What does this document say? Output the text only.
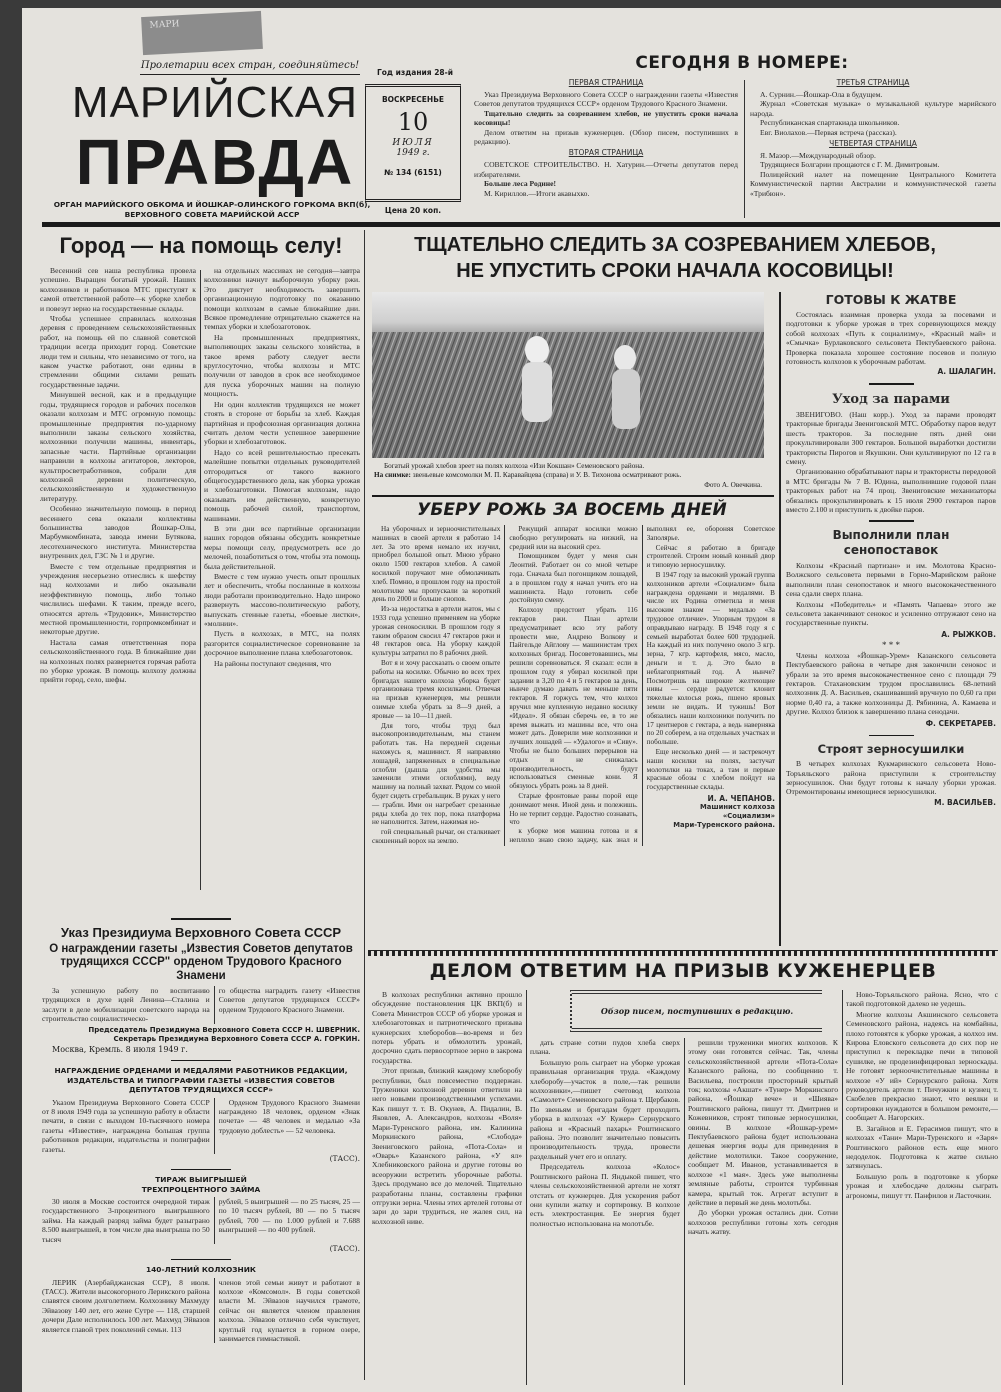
МАРИ
Пролетарии всех стран, соединяйтесь!
МАРИЙСКАЯ
ПРАВДА
ОРГАН МАРИЙСКОГО ОБКОМА И ЙОШКАР-ОЛИНСКОГО ГОРКОМА ВКП(б),
ВЕРХОВНОГО СОВЕТА МАРИЙСКОЙ АССР
Год издания 28-й
ВОСКРЕСЕНЬЕ
10
ИЮЛЯ
1949 г.
№ 134 (6151)
Цена 20 коп.
СЕГОДНЯ В НОМЕРЕ:
ПЕРВАЯ СТРАНИЦА

Указ Президиума Верховного Совета СССР о награждении газеты «Известия Советов депутатов трудящихся СССР» орденом Трудового Красного Знамени.

Тщательно следить за созреванием хлебов, не упустить сроки начала косовицы!

Делом ответим на призыв куженерцев. (Обзор писем, поступивших в редакцию).

ВТОРАЯ СТРАНИЦА

СОВЕТСКОЕ СТРОИТЕЛЬСТВО. Н. Хатурин.—Отчеты депутатов перед избирателями.

Больше леса Родине!

М. Кириллов.—Итоги акавыхко.

ТРЕТЬЯ СТРАНИЦА

А. Сурнин.—Йошкар-Ола в будущем.

Журнал «Советская музыка» о музыкальной культуре марийского народа.

Республиканская спартакиада школьников.

Евг. Виолахов.—Первая встреча (рассказ).

ЧЕТВЕРТАЯ СТРАНИЦА

Я. Мазор.—Международный обзор.

Трудящиеся Болгарии прощаются с Г. М. Димитровым.

Полицейский налет на помещение Центрального Комитета Коммунистической партии Австралии и коммунистической газеты «Трибюн».

Город — на помощь селу!

Весенний сев наша республика провела успешно. Выращен богатый урожай. Наших колхозников и работников МТС приступят к самой ответственной работе—к уборке хлебов и повезут зерно на государственные склады.

Чтобы успешнее справилась колхозная деревня с проведением сельскохозяйственных работ, на помощь ей по славной советской традиции всегда приходит город. Советские люди тем и сильны, что независимо от того, на каком участке работают, они едины в стремлении общими силами решать государственные задачи.

Минувшей весной, как и в предыдущие годы, трудящиеся городов и рабочих поселков оказали колхозам и МТС огромную помощь: промышленные предприятия по-ударному выполнили заказы сельского хозяйства, колхозники получили машины, инвентарь, запасные части. Партийные организации направили в колхозы агитаторов, лекторов, культпросветработников, собрали для колхозной деревни политическую, сельскохозяйственную и художественную литературу.

Особенно значительную помощь в период весеннего сева оказали коллективы большинства заводов Йошкар-Олы, Марбумкомбината, завода имени Бутякова, лесотехнического института. Министерства внутренних дел, ГЗС № 1 и другие.

Вместе с тем отдельные предприятия и учреждения несерьезно отнеслись к шефству над колхозами и либо оказывали неэффективную помощь, либо только числились шефами. К таким, прежде всего, относятся артель «Трудовик», Министерство местной промышленности, горпромкомбинат и некоторые другие.

Настала самая ответственная пора сельскохозяйственного года. В ближайшие дни на колхозных полях развернется горячая работа по уборке урожая. В помощь колхозу должны прийти город, село, шефы.

на отдельных массивах не сегодня—завтра колхозники начнут выборочную уборку ржи. Это диктует необходимость завершить организационную подготовку по оказанию помощи колхозам в самые ближайшие дни. Всякое промедление отрицательно скажется на темпах уборки и хлебозаготовок.

На промышленных предприятиях, выполняющих заказы сельского хозяйства, в такое время работу следует вести круглосуточно, чтобы колхозы и МТС получили от заводов в срок все необходимое для пуска уборочных машин на полную мощность.

Ни один коллектив трудящихся не может стоять в стороне от борьбы за хлеб. Каждая партийная и профсоюзная организация должна считать делом чести успешное завершение уборки и хлебозаготовок.

Надо со всей решительностью пресекать малейшие попытки отдельных руководителей отгородиться от такого важного общегосударственного дела, как уборка урожая и хлебозаготовки. Помогая колхозам, надо оказывать им действенную, конкретную помощь рабочей силой, транспортом, машинами.

В эти дни все партийные организации наших городов обязаны обсудить конкретные меры помощи селу, предусмотреть все до мелочей, позаботиться о том, чтобы эта помощь была действительной.

Вместе с тем нужно учесть опыт прошлых лет и обеспечить, чтобы посланные в колхозы люди работали производительно. Надо широко развернуть массово-политическую работу, выпускать стенные газеты, «боевые листки», «молнии».

Пусть в колхозах, в МТС, на полях разгорится социалистическое соревнование за досрочное выполнение плана хлебозаготовок.

На районы поступают сведения, что

Указ Президиума Верховного Совета СССР
О награждении газеты „Известия Советов депутатов трудящихся СССР" орденом Трудового Красного Знамени
За успешную работу по воспитанию трудящихся в духе идей Ленина—Сталина и заслуги в деле мобилизации советского народа на строительство социалистическо-
го общества наградить газету «Известия Советов депутатов трудящихся СССР» орденом Трудового Красного Знамени.
Председатель Президиума Верховного Совета СССР Н. ШВЕРНИК.
Секретарь Президиума Верховного Совета СССР А. ГОРКИН.
Москва, Кремль. 8 июля 1949 г.
НАГРАЖДЕНИЕ ОРДЕНАМИ И МЕДАЛЯМИ РАБОТНИКОВ РЕДАКЦИИ, ИЗДАТЕЛЬСТВА И ТИПОГРАФИИ ГАЗЕТЫ «ИЗВЕСТИЯ СОВЕТОВ ДЕПУТАТОВ ТРУДЯЩИХСЯ СССР»
Указом Президиума Верховного Совета СССР от 8 июля 1949 года за успешную работу в области печати, в связи с выходом 10-тысячного номера газеты «Известия», награждена большая группа работников редакции, издательства и полиграфии газеты.
Орденом Трудового Красного Знамени награждено 18 человек, орденом «Знак почета» — 48 человек и медалью «За трудовую доблесть» — 52 человека.
(ТАСС).
ТИРАЖ ВЫИГРЫШЕЙ ТРЕХПРОЦЕНТНОГО ЗАЙМА
30 июля в Москве состоится очередной тираж государственного 3-процентного выигрышного займа. На каждый разряд займа будет разыграно 8.500 выигрышей, в том числе два выигрыша по 50 тысяч
рублей, 5 выигрышей — по 25 тысяч, 25 — по 10 тысяч рублей, 80 — по 5 тысяч рублей, 700 — по 1.000 рублей и 7.688 выигрышей — по 400 рублей.
(ТАСС).
140-ЛЕТНИЙ КОЛХОЗНИК
ЛЕРИК (Азербайджанская ССР), 8 июля. (ТАСС). Жители высокогорного Лерикского района славятся своим долголетием. Колхознику Махмуду Эйвазову 140 лет, его жене Сутре — 118, старшей дочери Дале исполнилось 100 лет. Махмуд Эйвазов является главой трех поколений семьи. 113
членов этой семьи живут и работают в колхозе «Комсомол». В годы советской власти М. Эйвазов научился грамоте, сейчас он является членом правления колхоза. Эйвазов отлично себя чувствует, круглый год купается в горном озере, занимается гимнастикой.
ТЩАТЕЛЬНО СЛЕДИТЬ ЗА СОЗРЕВАНИЕМ ХЛЕБОВ,
НЕ УПУСТИТЬ СРОКИ НАЧАЛА КОСОВИЦЫ!
Богатый урожай хлебов зреет на полях колхоза «Изи Кокшан» Семеновского района.
На снимке: звеньевые комсомолки М. П. Каравайцева (справа) и У. В. Тихонова осматривают рожь.
Фото А. Овечкина.
УБЕРУ РОЖЬ ЗА ВОСЕМЬ ДНЕЙ

На уборочных и зерноочистительных машинах в своей артели я работаю 14 лет. За это время немало их изучил, приобрел большой опыт. Мною убрано около 1500 гектаров хлебов. А самой косилкой поручают мне обмолачивать хлеб. Помню, в прошлом году на простой молотилке мы пропускали за короткий день по 2000 и больше снопов.

Из-за недостатка в артели жаток, мы с 1933 года успешно применяем на уборке урожая сенокосилки. В прошлом году я таким образом скосил 47 гектаров ржи и 48 гектаров овса. На уборку каждой культуры затратил по 8 рабочих дней.

Вот я и хочу рассказать о своем опыте работы на косилке. Обычно во всех трех бригадах нашего колхоза уборка будет организована тремя косилками. Отвечая на призыв куженерцев, мы решили озимые хлеба убрать за 8—9 дней, а яровые — за 10—11 дней.

Для того, чтобы труд был высокопроизводительным, мы станем работать так. На передней сиденьи нахожусь я, машинист. Я направляю лошадей, запряженных в специальные оглобли (дышла для удобства мы заменили этими оглоблями), веду машину на полный захват. Рядом со мной будет сидеть сгребальщик. В руках у него — грабли. Ими он нагребает срезанные ряды хлеба до тех пор, пока платформа не наполнится. Затем, нажимая но-

гой специальный рычаг, он сталкивает скошенный ворох на землю.

Режущий аппарат косилки можно свободно регулировать на низкий, на средний или на высокий срез.

Помощником будет у меня сын Леонтий. Работает он со мной четыре года. Сначала был погонщиком лошадей, а в прошлом году я начал учить его на машиниста. Надо готовить себе достойную смену.

Колхозу предстоит убрать 116 гектаров ржи. План артели предусматривает всю эту работу провести мне, Андрею Волкову и Пайгельде Айглову — машинистам трех колхозных бригад. Посоветовавшись, мы решили соревноваться. Я сказал: если в прошлом году я убирал косилкой при задании в 3,20 по 4 и 5 гектаров за день, нынче думаю давать не меньше пяти гектаров. Я горжусь тем, что колхоз вручил мне купленную недавно косилку «Идеал». Я обязан сберечь ее, в то же время выжать из машины все, что она может дать. Доверили мне колхозники и лучших лошадей — «Удалого» и «Сиву». Чтобы не было больших перерывов на отдых и не снижалась производительность, будут использоваться сменные кони. Я обязуюсь убрать рожь за 8 дней.

Старые фронтовые раны порой еще донимают меня. Иной день и полежишь. Но не терпит сердце. Радостно сознавать, что

к уборке моя машина готова и я неплохо знаю свою задачу, как знал и выполнял ее, обороняя Советское Заполярье.

Сейчас я работаю в бригаде строителей. Строим новый конный двор и типовую зерносушилку.

В 1947 году за высокий урожай группа колхозников артели «Социализм» была награждена орденами и медалями. В числе их Родина отметила и меня высоким знаком — медалью «За трудовое отличие». Упорным трудом я оправдываю награду. В 1948 году я с семьей выработал более 600 трудодней. На каждый из них получено около 3 кгр. зерна, 7 кгр. картофеля, мясо, масло, деньги и т. д. Это было в неблагоприятный год. А нынче? Посмотришь на широкие желтеющие нивы — сердце радуется: клонит тяжелые колосья рожь, пшено яровых земли не видать. И тужишь! Вот обязались наши колхозники получить по 17 центнеров с гектара, а ведь наверняка по 20 соберем, а на отдельных участках и побольше.

Еще несколько дней — и застрекочут наши косилки на полях, застучат молотилки на токах, а там и первые красные обозы с хлебом пойдут на государственные склады.

И. А. ЧЕПАНОВ.
Машинист колхоза «Социализм»
Мари-Туренского района.
ГОТОВЫ К ЖАТВЕ

Состоялась взаимная проверка ухода за посевами и подготовки к уборке урожая в трех соревнующихся между собой колхозах «Путь к социализму», «Красный май» и «Смычка» Бурлаковского сельсовета Пектубаевского района. Проверка показала хорошее состояние посевов и полную готовность колхозов к уборочным работам.

А. ШАЛАГИН.
Уход за парами

ЗВЕНИГОВО. (Наш корр.). Уход за парами проводят тракторные бригады Звениговской МТС. Обработку паров ведут шесть тракторов. За последние пять дней они прокультивировали 300 гектаров. Большой выработки достигли трактористы Пирогов и Якушкин. Они культивируют по 12 га в смену.

Организованно обрабатывают пары и трактористы передовой в МТС бригады № 7 В. Юдина, выполнившие годовой план тракторных работ на 74 проц. Звениговские механизаторы обязались прокультивировать к 15 июля 2900 гектаров паров вместо 2.100 и приступить к двойке паров.

Выполнили план сенопоставок

Колхозы «Красный партизан» и им. Молотова Красно-Волжского сельсовета первыми в Горно-Марийском районе выполнили план сенопоставок и много высококачественного сена сдали сверх плана.

Колхозы «Победитель» и «Память Чапаева» этого же сельсовета заканчивают сенокос и усиленно отгружают сено на государственные пункты.

А. РЫЖКОВ.
* * *

Члены колхоза «Йошкар-Урем» Казанского сельсовета Пектубаевского района в четыре дня закончили сенокос и убрали за это время высококачественное сено с площади 79 гектаров. Стахановским трудом прославились 68-летний колхозник Д. А. Васильев, скашивавший вручную по 0,60 га при норме 0,40 га, а также колхозницы Д. Рябинина, А. Камаева и другие. Колхоз близок к завершению плана сенодачи.

Ф. СЕКРЕТАРЕВ.
Строят зерносушилки

В четырех колхозах Кукмаринского сельсовета Ново-Торъяльского района приступили к строительству зерносушилок. Они будут готовы к началу уборки урожая. Отремонтированы имеющиеся зерносушилки.

М. ВАСИЛЬЕВ.
ДЕЛОМ ОТВЕТИМ НА ПРИЗЫВ КУЖЕНЕРЦЕВ

В колхозах республики активно прошло обсуждение постановления ЦК ВКП(б) и Совета Министров СССР об уборке урожая и хлебозаготовках и патриотического призыва кужнерских хлеборобов—во-время и без потерь убрать и обмолотить урожай, досрочно сдать первосортное зерно в закрома государства.

Этот призыв, близкий каждому хлеборобу республики, был повсеместно поддержан. Труженики колхозной деревни ответили на него новыми производственными успехами. Как пишут т. т. В. Окунев, А. Пидалин, В. Яковлев, А. Александров, колхозы «Воля» Мари-Туренского района, им. Калинина Моркинского района, «Слобода» Звениговского района, «Пота-Сола» и «Оварь» Казанского района, «У ял» Хлебниковского района и другие готовы во всеоружии встретить уборочные работы. Здесь продумано все до мелочей. Тщательно разработаны планы, составлены графики отгрузки зерна. Члены этих артелей готовы от зари до зари трудиться, не жалея сил, на колхозной ниве.

Обзор писем, поступивших в редакцию.

дать стране сотни пудов хлеба сверх плана.

Большую роль сыграет на уборке урожая правильная организация труда. «Каждому хлеборобу—участок в поле,—так решили колхозники»,—пишет счетовод колхоза «Самолет» Семеновского района т. Щербаков. По звеньям и бригадам будет проходить уборка в колхозах «У Кужер» Сернурского района и «Красный пахарь» Роштинского района. Это позволит значительно повысить производительность труда, провести раздельный учет его и оплату.

Председатель колхоза «Колос» Роштинского района П. Яндыкой пишет, что члены сельскохозяйственной артели не хотят отстать от кужнерцев. Для ускорения работ они купили жатку и сортировку. В колхозе есть электростанция. Ее энергия будет полностью использована на молотьбе.

решили труженики многих колхозов. К этому они готовятся сейчас. Так, члены сельскохозяйственной артели «Пота-Сола» Казанского района, по сообщению т. Васильева, построили просторный крытый ток; колхозы «Акшат» «Тунер» Моркинского района, «Йошкар вече» и «Шиява» Роштинского района, пишут тт. Дмитриев и Кожевников, строят типовые зерносушилки, овины. В колхозе «Йошкар-урем» Пектубаевского района будет использована дешевая энергия воды для приведения в действие молотилки. Такое сооружение, сообщает М. Иванов, устанавливается в колхозе «1 мая». Здесь уже выполнены земляные работы, строится турбинная камера, крытый ток. Агрегат вступит в действие в первый же день молотьбы.

До уборки урожая остались дни. Сотни колхозов республики готовы хоть сегодня начать жатву.

Ново-Торъяльского района. Ясно, что с такой подготовкой далеко не уедешь.

Многие колхозы Акшинского сельсовета Семеновского района, надеясь на комбайны, плохо готовятся к уборке урожая, а колхоз им. Кирова Еловского сельсовета до сих пор не приступил к перекладке печи в типовой сушилке, не продезинфицировал зерноскады. Не готовят зерноочистительные машины в колхозе «У ий» Сернурского района. Хотя руководитель артели т. Пичужкин и кузнец т. Скобелев прекрасно знают, что веялки и сортировки нуждаются в большом ремонте,—сообщает А. Нагорских.

В. Загайнов и Е. Герасимов пишут, что в колхозах «Тани» Мари-Туренского и «Заря» Роштинского районов есть еще много недоделок. Подготовка к жатве сильно затянулась.

Большую роль в подготовке к уборке урожая и хлебосдаче должны сыграть агрономы, пишут тт. Панфилов и Ласточкин.
